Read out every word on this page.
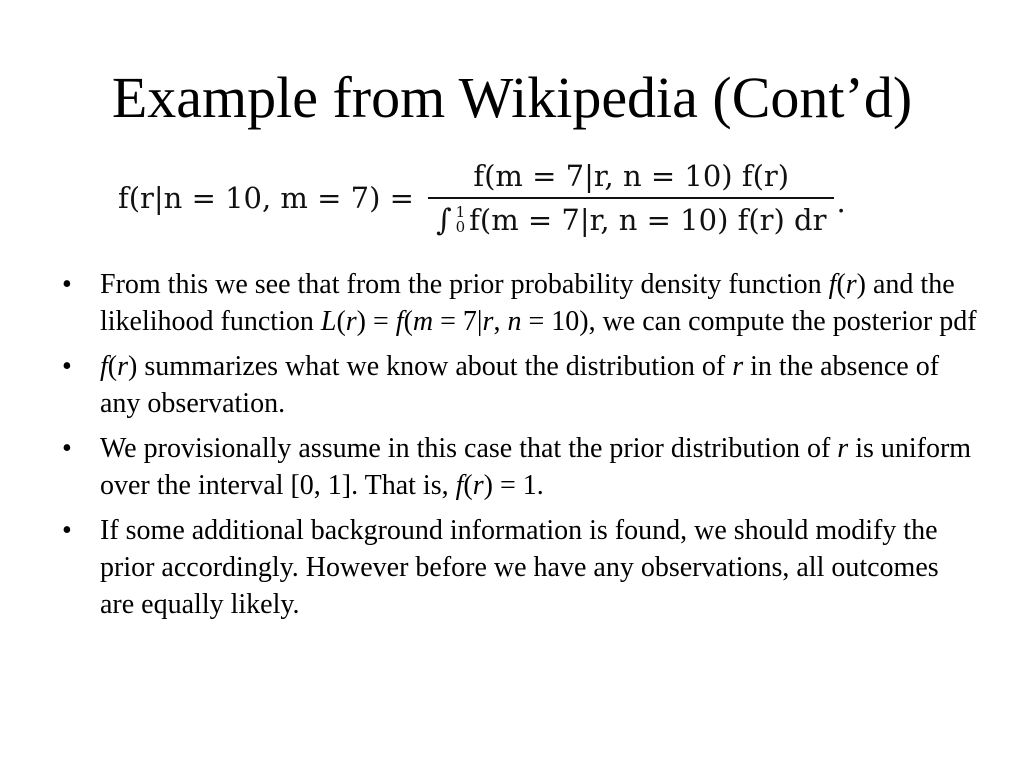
Example from Wikipedia (Cont’d)
f(r|n = 10, m = 7) = f(m = 7|r, n = 10) f(r)
∫ 1
0 f(m = 7|r, n = 10) f(r) dr .
• From this we see that from the prior probability density function f(r) and the likelihood function L(r) = f(m = 7|r, n = 10), we can compute the posterior pdf
• f(r) summarizes what we know about the distribution of r in the absence of any observation.
• We provisionally assume in this case that the prior distribution of r is uniform over the interval [0, 1]. That is, f(r) = 1.
• If some additional background information is found, we should modify the prior accordingly. However before we have any observations, all outcomes are equally likely.
